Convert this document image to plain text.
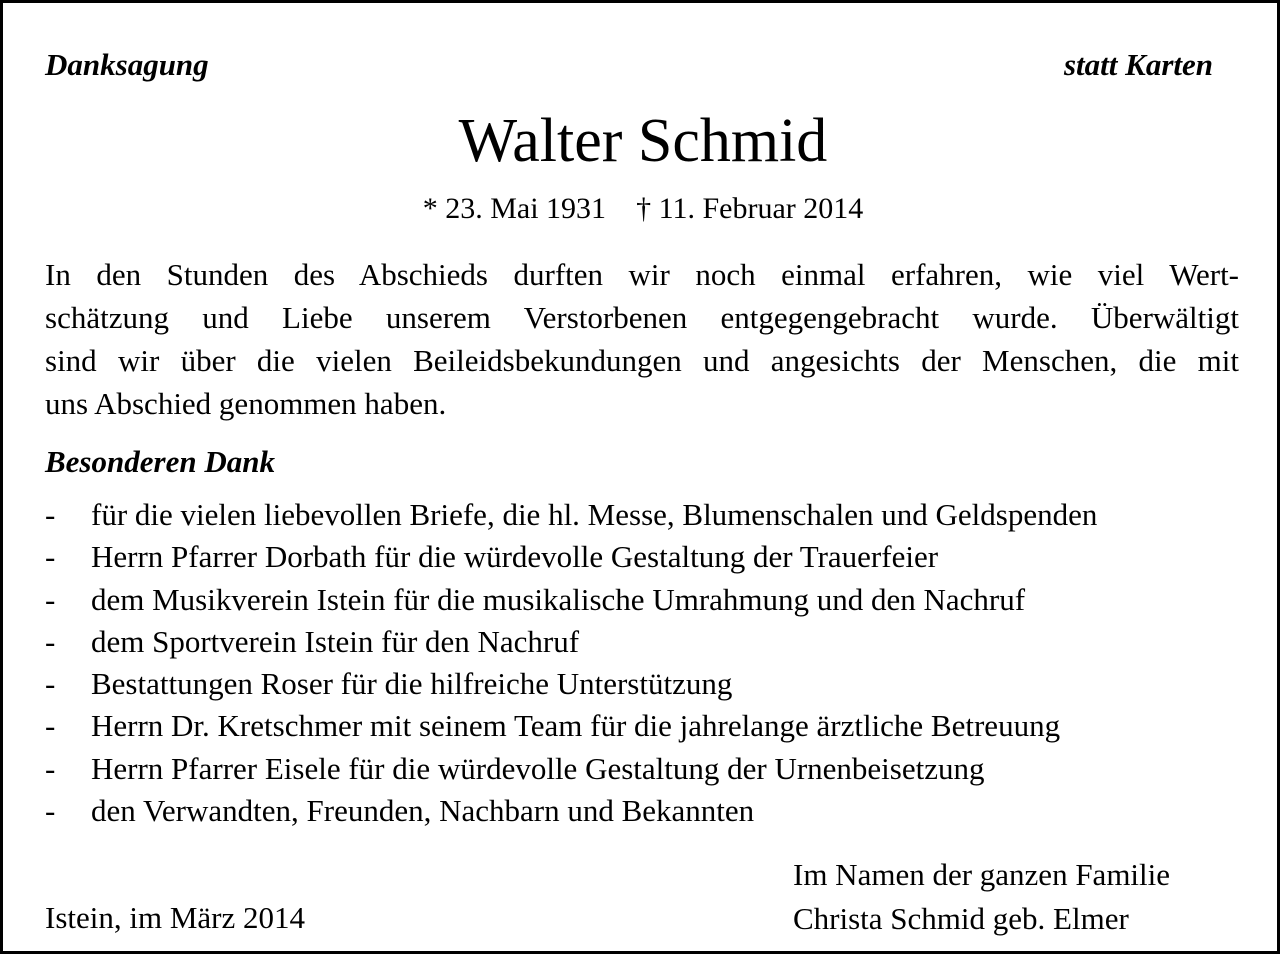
Danksagung	statt Karten
Walter Schmid
* 23. Mai 1931 † 11. Februar 2014
In den Stunden des Abschieds durften wir noch einmal erfahren, wie viel Wert-
schätzung und Liebe unserem Verstorbenen entgegengebracht wurde. Überwältigt
sind wir über die vielen Beileidsbekundungen und angesichts der Menschen, die mit
uns Abschied genommen haben.
Besonderen Dank
- für die vielen liebevollen Briefe, die hl. Messe, Blumenschalen und Geldspenden
- Herrn Pfarrer Dorbath für die würdevolle Gestaltung der Trauerfeier
- dem Musikverein Istein für die musikalische Umrahmung und den Nachruf
- dem Sportverein Istein für den Nachruf
- Bestattungen Roser für die hilfreiche Unterstützung
- Herrn Dr. Kretschmer mit seinem Team für die jahrelange ärztliche Betreuung
- Herrn Pfarrer Eisele für die würdevolle Gestaltung der Urnenbeisetzung
- den Verwandten, Freunden, Nachbarn und Bekannten
Im Namen der ganzen Familie
Christa Schmid geb. Elmer
Istein, im März 2014
